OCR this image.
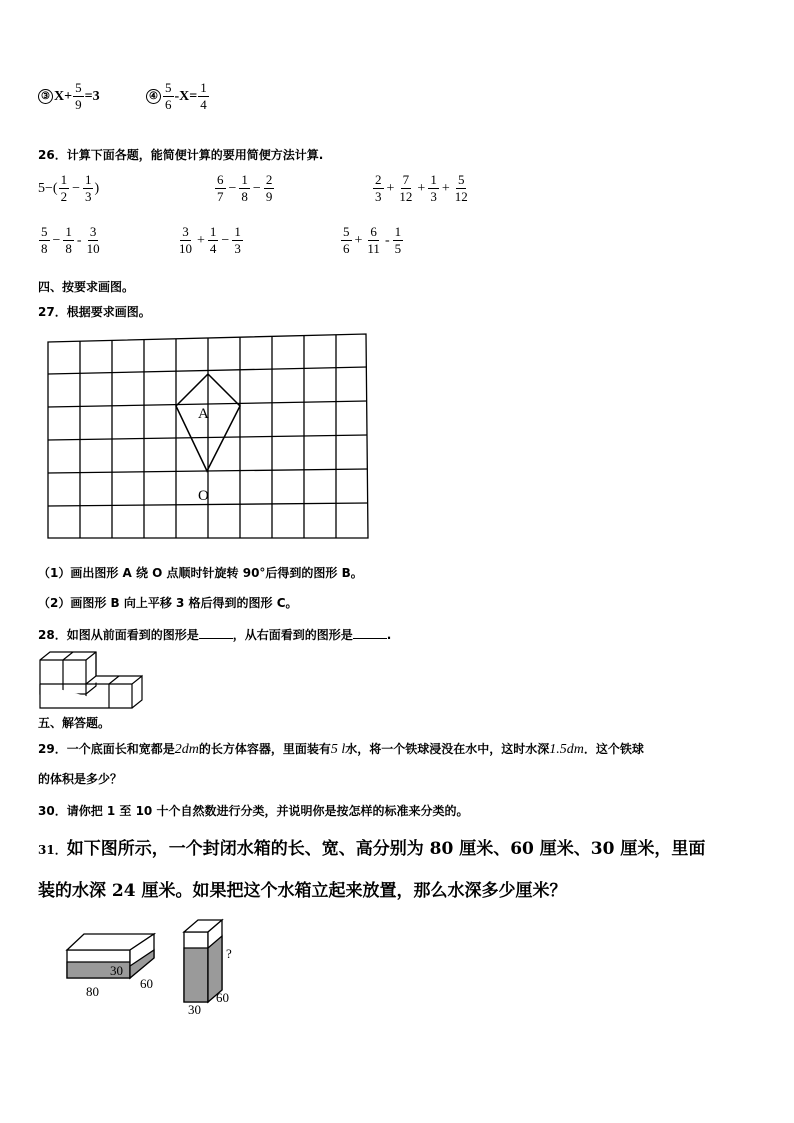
③ $X+ \frac{5}{9} =3$	④ $\frac{5}{6} -X= \frac{1}{4}$
26．计算下面各题，能简便计算的要用简便方法计算.
$5-( \frac{1}{2} - \frac{1}{3}$ )	$\frac{6}{7} - \frac{1}{8} - \frac{2}{9}$	$\frac{2}{3} + \frac{7}{12} + \frac{1}{3} + \frac{5}{12}$
$\frac{5}{8} - \frac{1}{8} - \frac{3}{10}$	$\frac{3}{10} + \frac{1}{4} - \frac{1}{3}$	$\frac{5}{6} + \frac{6}{11} - \frac{1}{5}$
四、按要求画图。
27．根据要求画图。
A
O
（1）画出图形 A 绕 O 点顺时针旋转 90°后得到的图形 B。
（2）画图形 B 向上平移 3 格后得到的图形 C。
28．如图从前面看到的图形是	，从右面看到的图形是	.
五、解答题。
29．一个底面长和宽都是2dm的长方体容器，里面装有5 l水，将一个铁球浸没在水中，这时水深1.5dm．这个铁球
的体积是多少？
30．请你把 1 至 10 十个自然数进行分类，并说明你是按怎样的标准来分类的。
31．如下图所示，一个封闭水箱的长、宽、高分别为 80 厘米、60 厘米、30 厘米，里面
装的水深 24 厘米。如果把这个水箱立起来放置，那么水深多少厘米？
30
80
60
?
60
30
